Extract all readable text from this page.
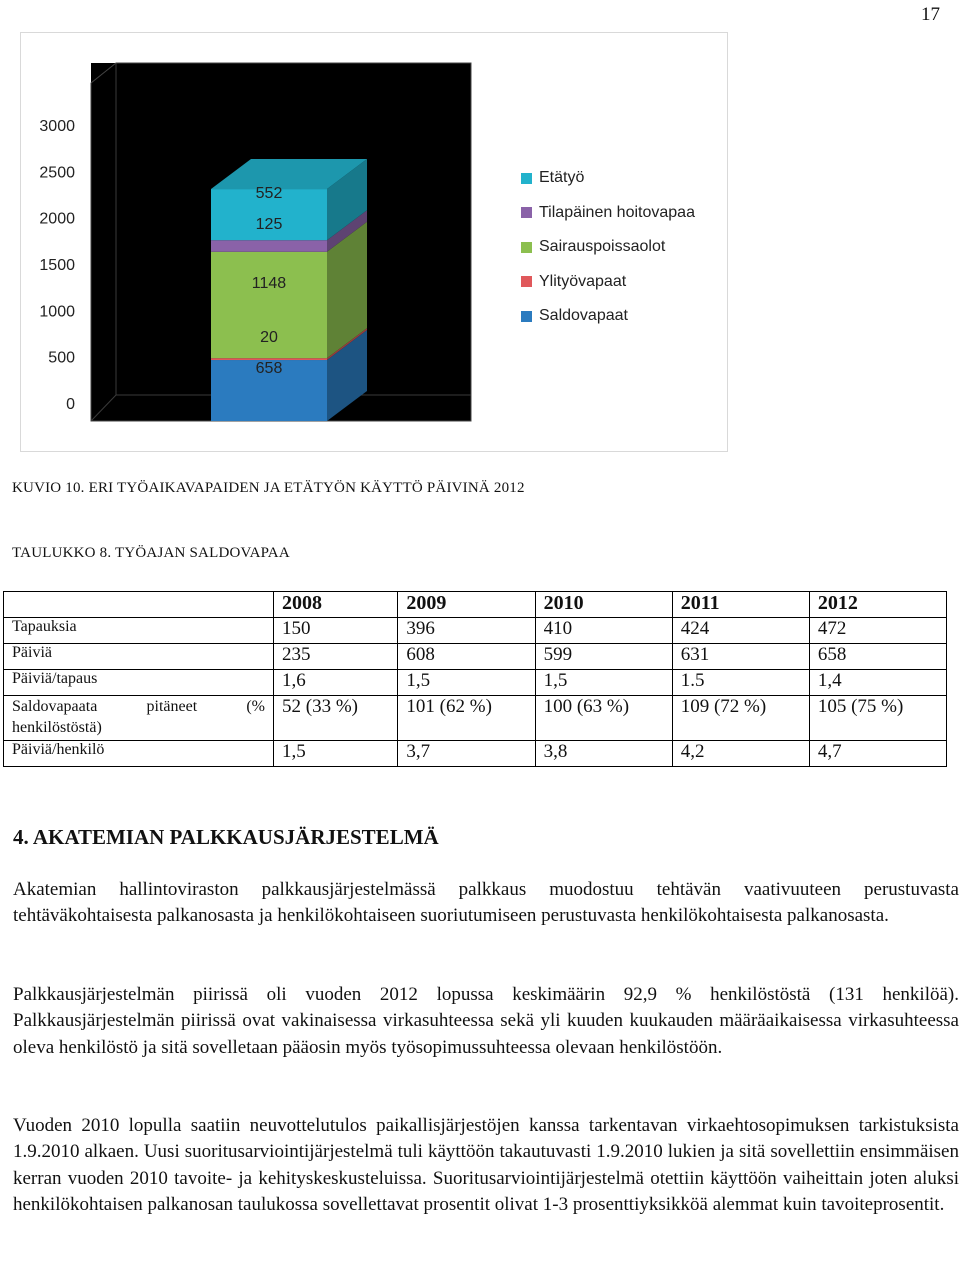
17
0
500
1000
1500
2000
2500
3000
658
20
1148
125
552
Etätyö
Tilapäinen hoitovapaa
Sairauspoissaolot
Ylityövapaat
Saldovapaat
KUVIO 10. ERI TYÖAIKAVAPAIDEN JA ETÄTYÖN KÄYTTÖ PÄIVINÄ 2012
TAULUKKO 8. TYÖAJAN SALDOVAPAA
	2008	2009	2010	2011	2012
Tapauksia	150	396	410	424	472
Päiviä	235	608	599	631	658
Päiviä/tapaus	1,6	1,5	1,5	1.5	1,4
Saldovapaata pitäneet (% henkilöstöstä)	52 (33 %)	101 (62 %)	100 (63 %)	109 (72 %)	105 (75 %)
Päiviä/henkilö	1,5	3,7	3,8	4,2	4,7
4. AKATEMIAN PALKKAUSJÄRJESTELMÄ

Akatemian hallintoviraston palkkausjärjestelmässä palkkaus muodostuu tehtävän vaativuuteen perustuvasta tehtäväkohtaisesta palkanosasta ja henkilökohtaiseen suoriutumiseen perustuvasta henkilökohtaisesta palkanosasta.

Palkkausjärjestelmän piirissä oli vuoden 2012 lopussa keskimäärin 92,9 % henkilöstöstä (131 henkilöä). Palkkausjärjestelmän piirissä ovat vakinaisessa virkasuhteessa sekä yli kuuden kuukauden määräaikaisessa virkasuhteessa oleva henkilöstö ja sitä sovelletaan pääosin myös työsopimussuhteessa olevaan henkilöstöön.

Vuoden 2010 lopulla saatiin neuvottelutulos paikallisjärjestöjen kanssa tarkentavan virkaehtosopimuksen tarkistuksista 1.9.2010 alkaen. Uusi suoritusarviointijärjestelmä tuli käyttöön takautuvasti 1.9.2010 lukien ja sitä sovellettiin ensimmäisen kerran vuoden 2010 tavoite- ja kehityskeskusteluissa. Suoritusarviointijärjestelmä otettiin käyttöön vaiheittain joten aluksi henkilökohtaisen palkanosan taulukossa sovellettavat prosentit olivat 1-3 prosenttiyksikköä alemmat kuin tavoiteprosentit.
